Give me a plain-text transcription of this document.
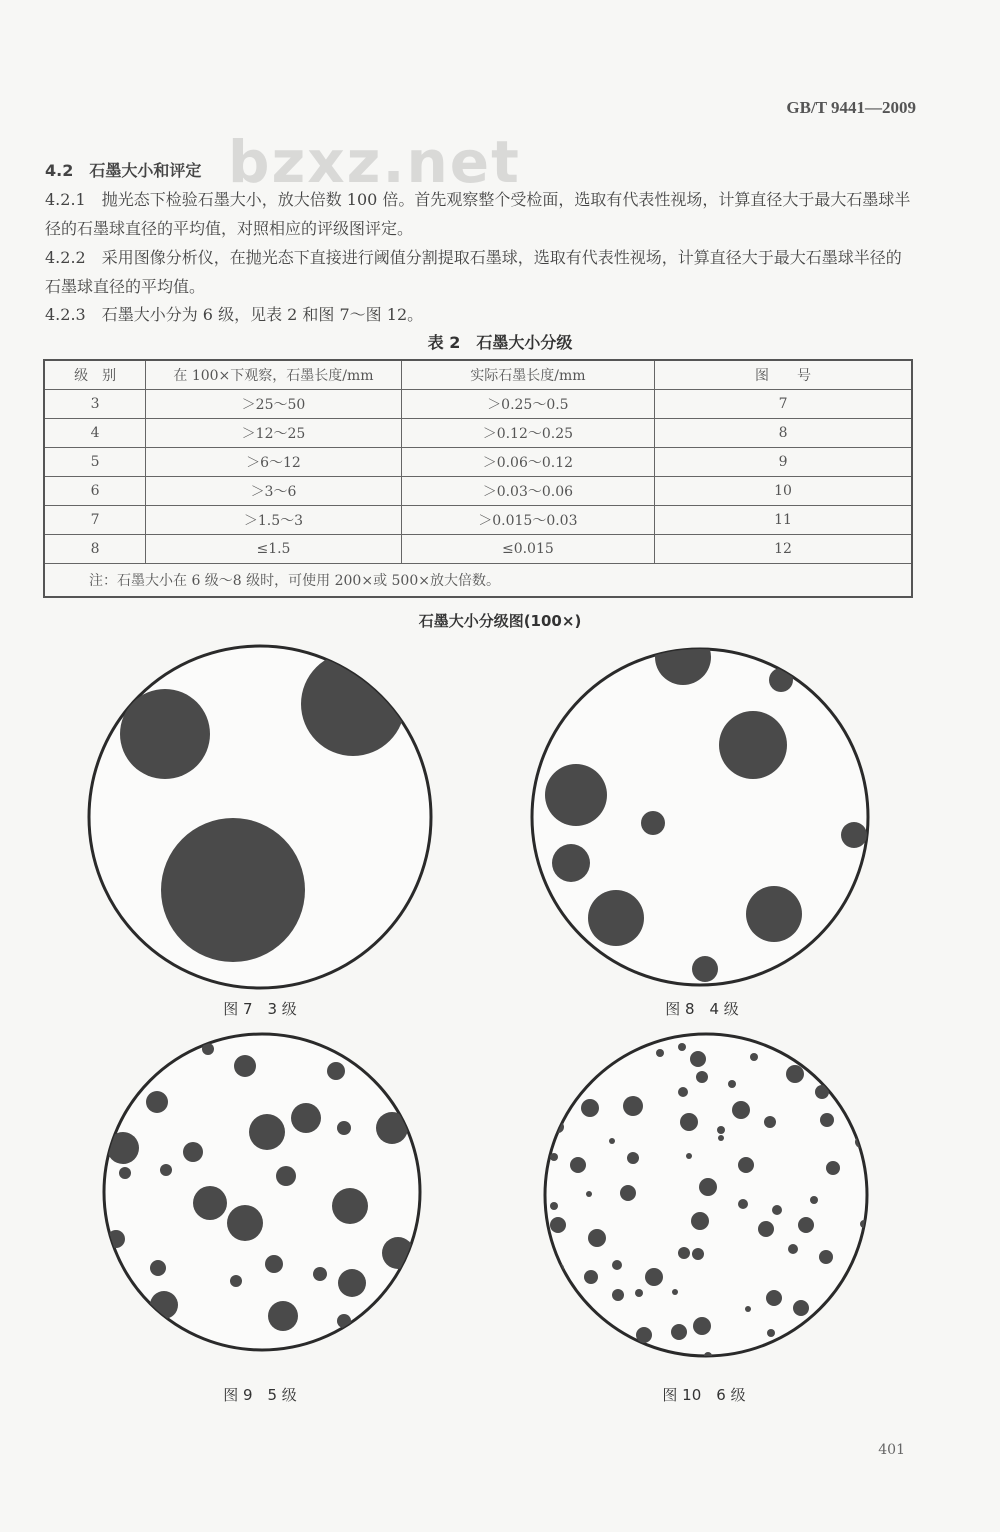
GB/T 9441—2009
bzxz.net
4.2　石墨大小和评定
4.2.1　抛光态下检验石墨大小，放大倍数 100 倍。首先观察整个受检面，选取有代表性视场，计算直径大于最大石墨球半径的石墨球直径的平均值，对照相应的评级图评定。
4.2.2　采用图像分析仪，在抛光态下直接进行阈值分割提取石墨球，选取有代表性视场，计算直径大于最大石墨球半径的石墨球直径的平均值。
4.2.3　石墨大小分为 6 级，见表 2 和图 7～图 12。
表 2　石墨大小分级
级　别	在 100×下观察，石墨长度/mm	实际石墨长度/mm	图　　号
3	＞25～50	＞0.25～0.5	7
4	＞12～25	＞0.12～0.25	8
5	＞6～12	＞0.06～0.12	9
6	＞3～6	＞0.03～0.06	10
7	＞1.5～3	＞0.015～0.03	11
8	≤1.5	≤0.015	12
注：石墨大小在 6 级～8 级时，可使用 200×或 500×放大倍数。			
石墨大小分级图(100×)
图 7　3 级	图 8　4 级
图 9　5 级	图 10　6 级
401
